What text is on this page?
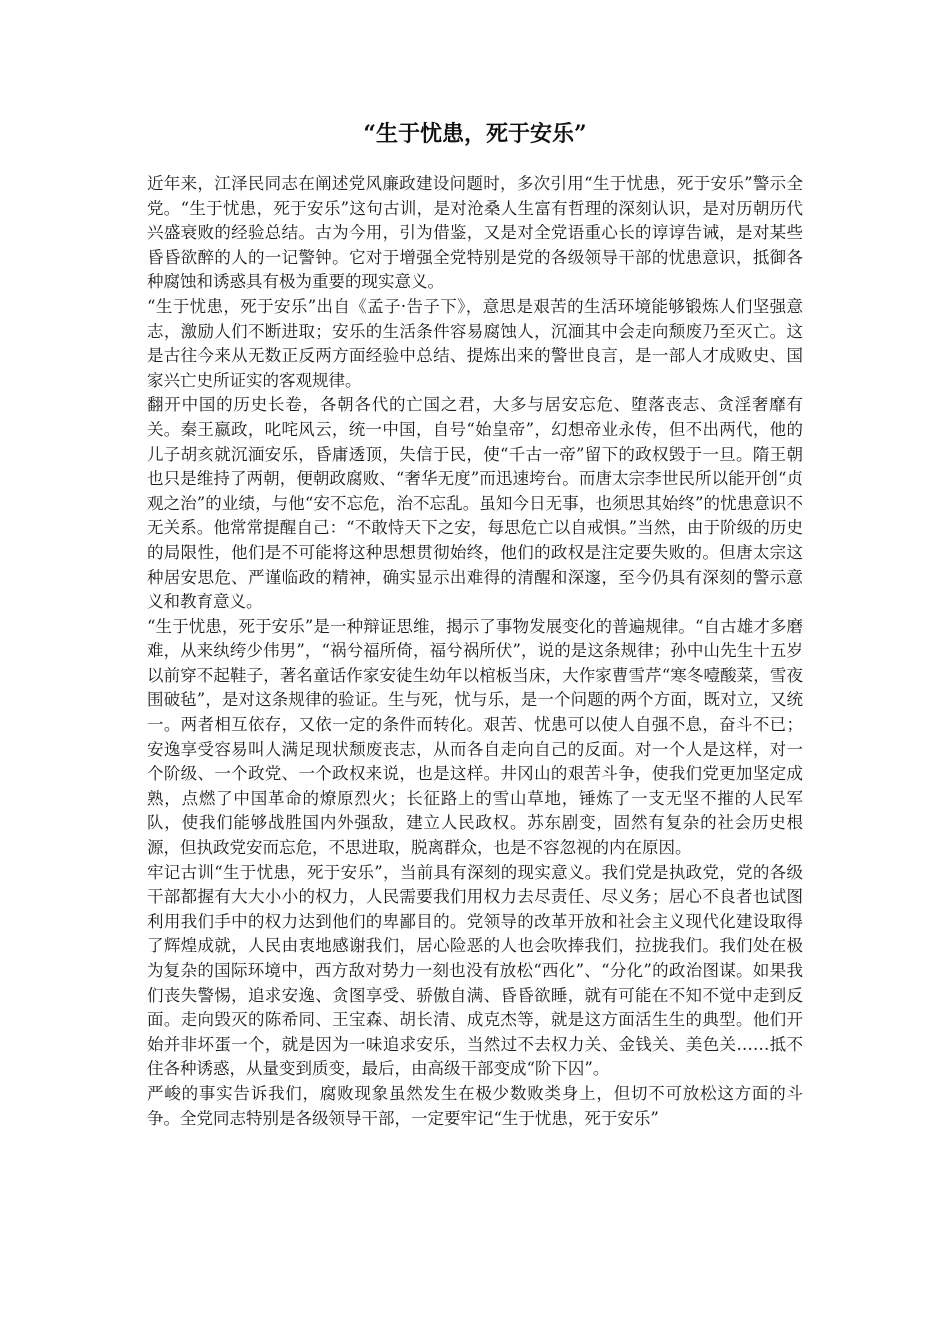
“生于忧患，死于安乐”

近年来，江泽民同志在阐述党风廉政建设问题时，多次引用“生于忧患，死于安乐”警示全党。“生于忧患，死于安乐”这句古训，是对沧桑人生富有哲理的深刻认识，是对历朝历代兴盛衰败的经验总结。古为今用，引为借鉴，又是对全党语重心长的谆谆告诫，是对某些昏昏欲醉的人的一记警钟。它对于增强全党特别是党的各级领导干部的忧患意识，抵御各种腐蚀和诱惑具有极为重要的现实意义。

“生于忧患，死于安乐”出自《孟子·告子下》，意思是艰苦的生活环境能够锻炼人们坚强意志，激励人们不断进取；安乐的生活条件容易腐蚀人，沉湎其中会走向颓废乃至灭亡。这是古往今来从无数正反两方面经验中总结、提炼出来的警世良言，是一部人才成败史、国家兴亡史所证实的客观规律。

翻开中国的历史长卷，各朝各代的亡国之君，大多与居安忘危、堕落丧志、贪淫奢靡有关。秦王嬴政，叱咤风云，统一中国，自号“始皇帝”，幻想帝业永传，但不出两代，他的儿子胡亥就沉湎安乐，昏庸透顶，失信于民，使“千古一帝”留下的政权毁于一旦。隋王朝也只是维持了两朝，便朝政腐败、“奢华无度”而迅速垮台。而唐太宗李世民所以能开创“贞观之治”的业绩，与他“安不忘危，治不忘乱。虽知今日无事，也须思其始终”的忧患意识不无关系。他常常提醒自己：“不敢恃天下之安，每思危亡以自戒惧。”当然，由于阶级的历史的局限性，他们是不可能将这种思想贯彻始终，他们的政权是注定要失败的。但唐太宗这种居安思危、严谨临政的精神，确实显示出难得的清醒和深邃，至今仍具有深刻的警示意义和教育意义。

“生于忧患，死于安乐”是一种辩证思维，揭示了事物发展变化的普遍规律。“自古雄才多磨难，从来纨绔少伟男”，“祸兮福所倚，福兮祸所伏”，说的是这条规律；孙中山先生十五岁以前穿不起鞋子，著名童话作家安徒生幼年以棺板当床，大作家曹雪芹“寒冬噎酸菜，雪夜围破毡”，是对这条规律的验证。生与死，忧与乐，是一个问题的两个方面，既对立，又统一。两者相互依存，又依一定的条件而转化。艰苦、忧患可以使人自强不息，奋斗不已；安逸享受容易叫人满足现状颓废丧志，从而各自走向自己的反面。对一个人是这样，对一个阶级、一个政党、一个政权来说，也是这样。井冈山的艰苦斗争，使我们党更加坚定成熟，点燃了中国革命的燎原烈火；长征路上的雪山草地，锤炼了一支无坚不摧的人民军队，使我们能够战胜国内外强敌，建立人民政权。苏东剧变，固然有复杂的社会历史根源，但执政党安而忘危，不思进取，脱离群众，也是不容忽视的内在原因。

牢记古训“生于忧患，死于安乐”，当前具有深刻的现实意义。我们党是执政党，党的各级干部都握有大大小小的权力，人民需要我们用权力去尽责任、尽义务；居心不良者也试图利用我们手中的权力达到他们的卑鄙目的。党领导的改革开放和社会主义现代化建设取得了辉煌成就，人民由衷地感谢我们，居心险恶的人也会吹捧我们，拉拢我们。我们处在极为复杂的国际环境中，西方敌对势力一刻也没有放松“西化”、“分化”的政治图谋。如果我们丧失警惕，追求安逸、贪图享受、骄傲自满、昏昏欲睡，就有可能在不知不觉中走到反面。走向毁灭的陈希同、王宝森、胡长清、成克杰等，就是这方面活生生的典型。他们开始并非坏蛋一个，就是因为一味追求安乐，当然过不去权力关、金钱关、美色关……抵不住各种诱惑，从量变到质变，最后，由高级干部变成“阶下囚”。

严峻的事实告诉我们，腐败现象虽然发生在极少数败类身上，但切不可放松这方面的斗争。全党同志特别是各级领导干部，一定要牢记“生于忧患，死于安乐”
